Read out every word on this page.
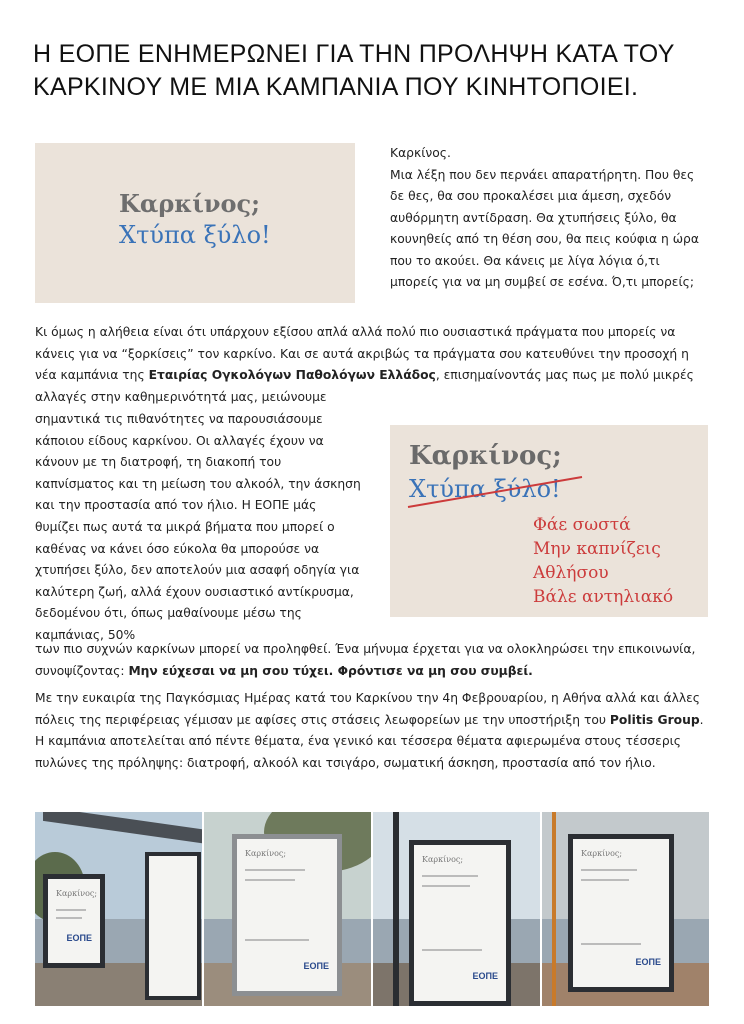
Η ΕΟΠΕ ΕΝΗΜΕΡΩΝΕΙ ΓΙΑ ΤΗΝ ΠΡΟΛΗΨΗ ΚΑΤΑ ΤΟΥ ΚΑΡΚΙΝΟΥ ΜΕ ΜΙΑ ΚΑΜΠΑΝΙΑ ΠΟΥ ΚΙΝΗΤΟΠΟΙΕΙ.
Καρκίνος;
Χτύπα ξύλο!

Καρκίνος.
Μια λέξη που δεν περνάει απαρατήρητη. Που θες δε θες, θα σου προκαλέσει μια άμεση, σχεδόν αυθόρμητη αντίδραση. Θα χτυπήσεις ξύλο, θα κουνηθείς από τη θέση σου, θα πεις κούφια η ώρα που το ακούει. Θα κάνεις με λίγα λόγια ό,τι μπορείς για να μη συμβεί σε εσένα. Ό,τι μπορείς;

Κι όμως η αλήθεια είναι ότι υπάρχουν εξίσου απλά αλλά πολύ πιο ουσιαστικά πράγματα που μπορείς να κάνεις για να “ξορκίσεις” τον καρκίνο. Και σε αυτά ακριβώς τα πράγματα σου κατευθύνει την προσοχή η νέα καμπάνια της Εταιρίας Ογκολόγων Παθολόγων Ελλάδος, επισημαίνοντάς μας πως με πολύ μικρές αλλαγές στην καθημερινότητά μας, μειώνουμε

σημαντικά τις πιθανότητες να παρουσιάσουμε κάποιου είδους καρκίνου. Οι αλλαγές έχουν να κάνουν με τη διατροφή, τη διακοπή του καπνίσματος και τη μείωση του αλκοόλ, την άσκηση και την προστασία από τον ήλιο. Η ΕΟΠΕ μάς θυμίζει πως αυτά τα μικρά βήματα που μπορεί ο καθένας να κάνει όσο εύκολα θα μπορούσε να χτυπήσει ξύλο, δεν αποτελούν μια ασαφή οδηγία για καλύτερη ζωή, αλλά έχουν ουσιαστικό αντίκρυσμα, δεδομένου ότι, όπως μαθαίνουμε μέσω της καμπάνιας, 50%

Καρκίνος;
Χτύπα ξύλο!
Φάε σωστά
Μην καπνίζεις
Αθλήσου
Βάλε αντηλιακό

των πιο συχνών καρκίνων μπορεί να προληφθεί. Ένα μήνυμα έρχεται για να ολοκληρώσει την επικοινωνία, συνοψίζοντας: Μην εύχεσαι να μη σου τύχει. Φρόντισε να μη σου συμβεί.

Με την ευκαιρία της Παγκόσμιας Ημέρας κατά του Καρκίνου την 4η Φεβρουαρίου, η Αθήνα αλλά και άλλες πόλεις της περιφέρειας γέμισαν με αφίσες στις στάσεις λεωφορείων με την υποστήριξη του Politis Group. Η καμπάνια αποτελείται από πέντε θέματα, ένα γενικό και τέσσερα θέματα αφιερωμένα στους τέσσερις πυλώνες της πρόληψης: διατροφή, αλκοόλ και τσιγάρο, σωματική άσκηση, προστασία από τον ήλιο.

Καρκίνος;
ΕΟΠΕ
Καρκίνος;
ΕΟΠΕ
Καρκίνος;
ΕΟΠΕ
Καρκίνος;
ΕΟΠΕ
